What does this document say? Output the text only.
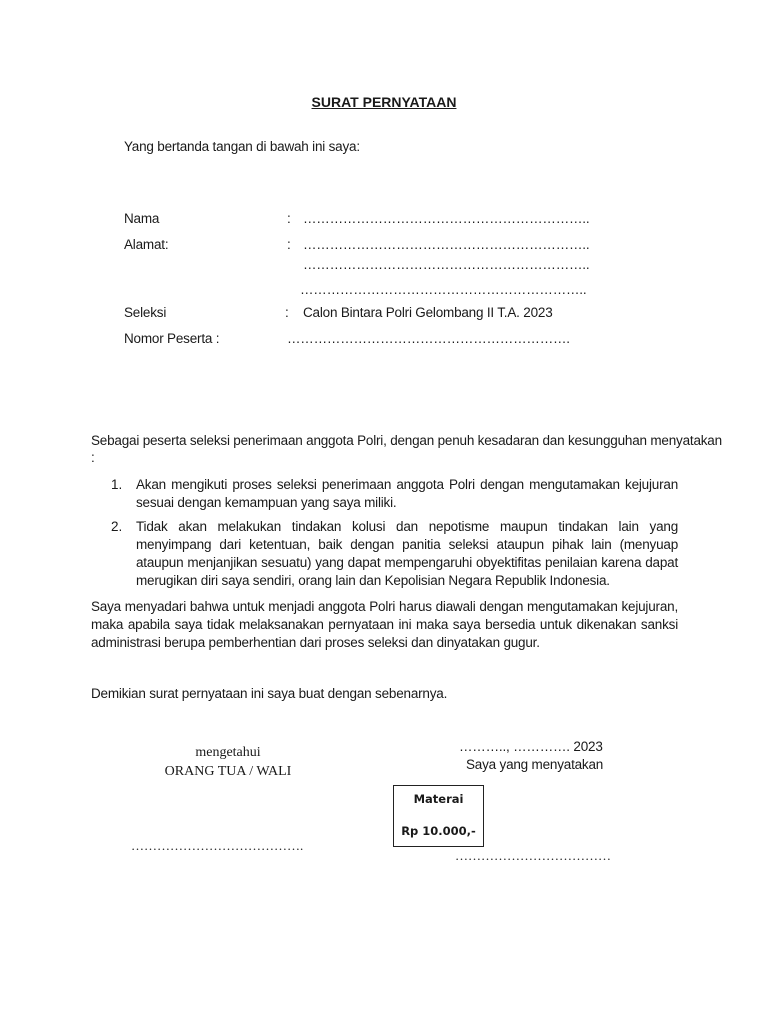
SURAT PERNYATAAN
Yang bertanda tangan di bawah ini saya:
Nama	: ………………………………………………………..
Alamat:	: ………………………………………………………..
………………………………………………………..
………………………………………………………..
Seleksi	: Calon Bintara Polri Gelombang II T.A. 2023
Nomor Peserta :	……………………………………………………….
Sebagai peserta seleksi penerimaan anggota Polri, dengan penuh kesadaran dan kesungguhan menyatakan
:
1. Akan mengikuti proses seleksi penerimaan anggota Polri dengan mengutamakan kejujuran sesuai dengan kemampuan yang saya miliki.
2. Tidak akan melakukan tindakan kolusi dan nepotisme maupun tindakan lain yang menyimpang dari ketentuan, baik dengan panitia seleksi ataupun pihak lain (menyuap ataupun menjanjikan sesuatu) yang dapat mempengaruhi obyektifitas penilaian karena dapat merugikan diri saya sendiri, orang lain dan Kepolisian Negara Republik Indonesia.
Saya menyadari bahwa untuk menjadi anggota Polri harus diawali dengan mengutamakan kejujuran, maka apabila saya tidak melaksanakan pernyataan ini maka saya bersedia untuk dikenakan sanksi administrasi berupa pemberhentian dari proses seleksi dan dinyatakan gugur.
Demikian surat pernyataan ini saya buat dengan sebenarnya.
mengetahui
ORANG TUA / WALI
………………………………….
……….., …………. 2023
Saya yang menyatakan
………………………………
Materai
Rp 10.000,-
